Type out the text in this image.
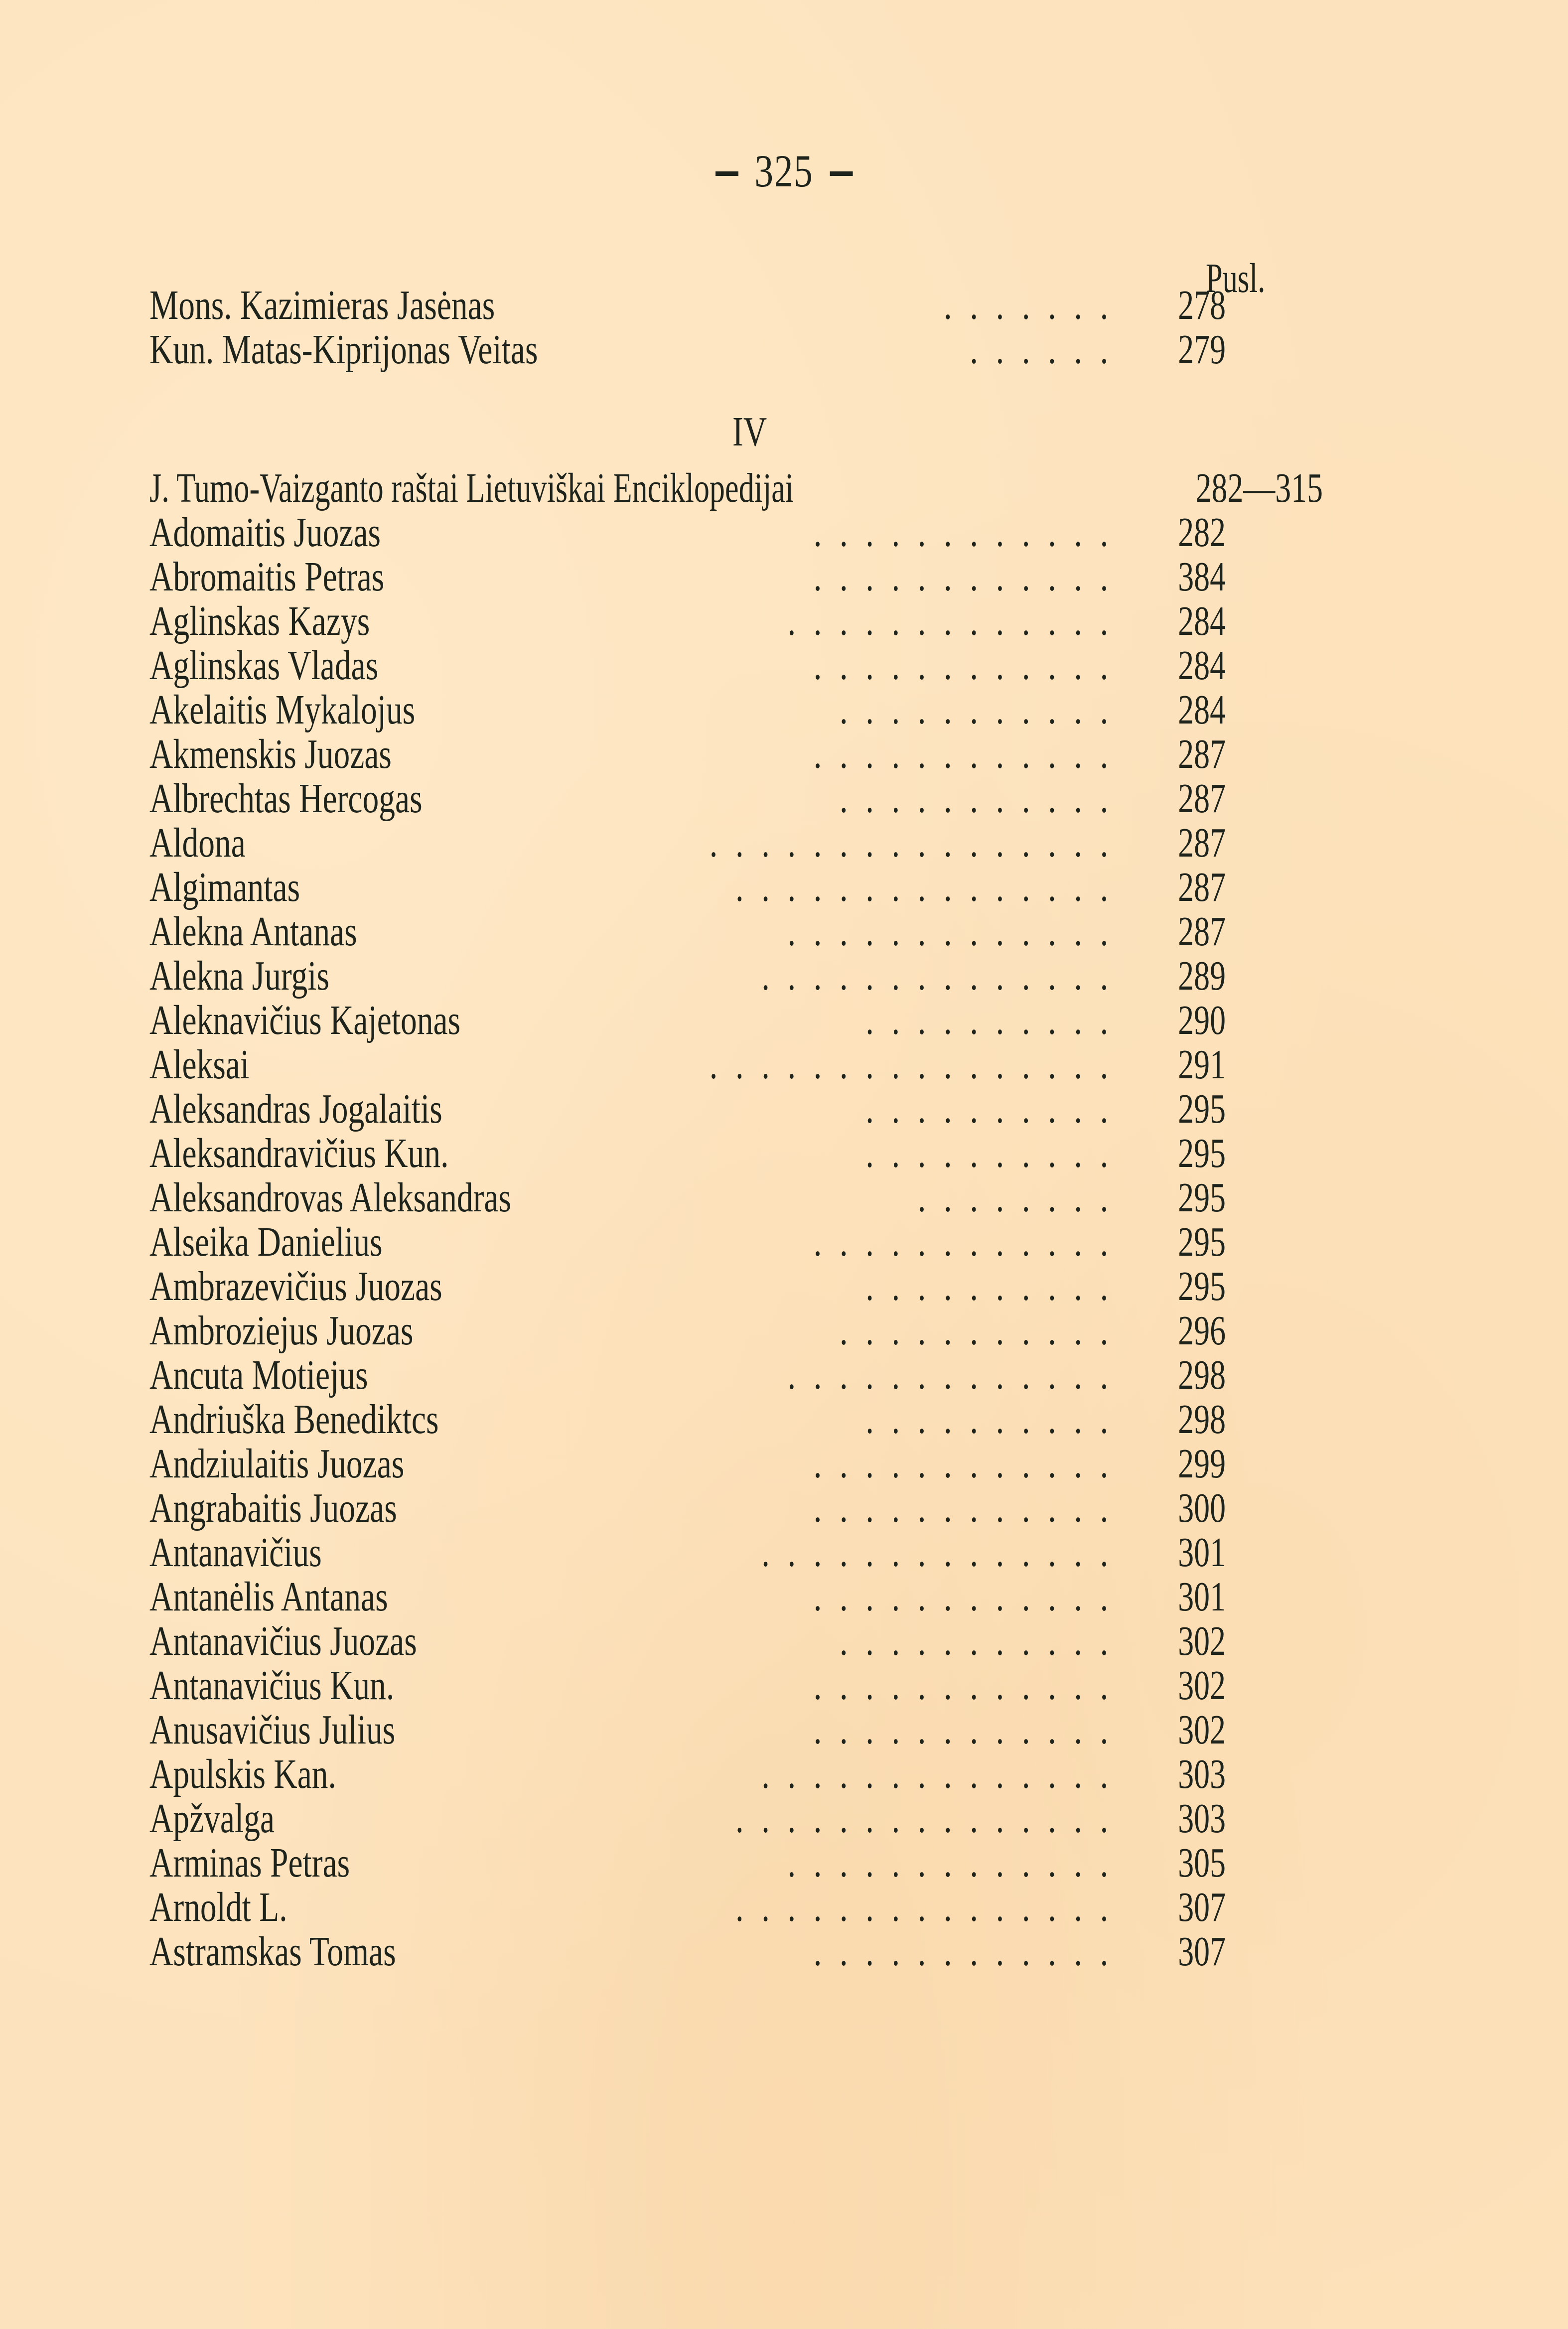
325
Pusl.
Mons. Kazimieras Jasėnas	.......	278
Kun. Matas-Kiprijonas Veitas	......	279
J. Tumo-Vaizganto raštai Lietuviškai Enciklopedijai	282—315
Adomaitis Juozas	............	282
Abromaitis Petras	............	384
Aglinskas Kazys	.............	284
Aglinskas Vladas	............	284
Akelaitis Mykalojus	...........	284
Akmenskis Juozas	............	287
Albrechtas Hercogas	...........	287
Aldona	................	287
Algimantas	...............	287
Alekna Antanas	.............	287
Alekna Jurgis	..............	289
Aleknavičius Kajetonas	..........	290
Aleksai	................	291
Aleksandras Jogalaitis	..........	295
Aleksandravičius Kun.	..........	295
Aleksandrovas Aleksandras	........	295
Alseika Danielius	............	295
Ambrazevičius Juozas	..........	295
Ambroziejus Juozas	...........	296
Ancuta Motiejus	.............	298
Andriuška Benediktcs	..........	298
Andziulaitis Juozas	............	299
Angrabaitis Juozas	............	300
Antanavičius	..............	301
Antanėlis Antanas	............	301
Antanavičius Juozas	...........	302
Antanavičius Kun.	............	302
Anusavičius Julius	............	302
Apulskis Kan.	..............	303
Apžvalga	...............	303
Arminas Petras	.............	305
Arnoldt L.	...............	307
Astramskas Tomas	............	307
IV
